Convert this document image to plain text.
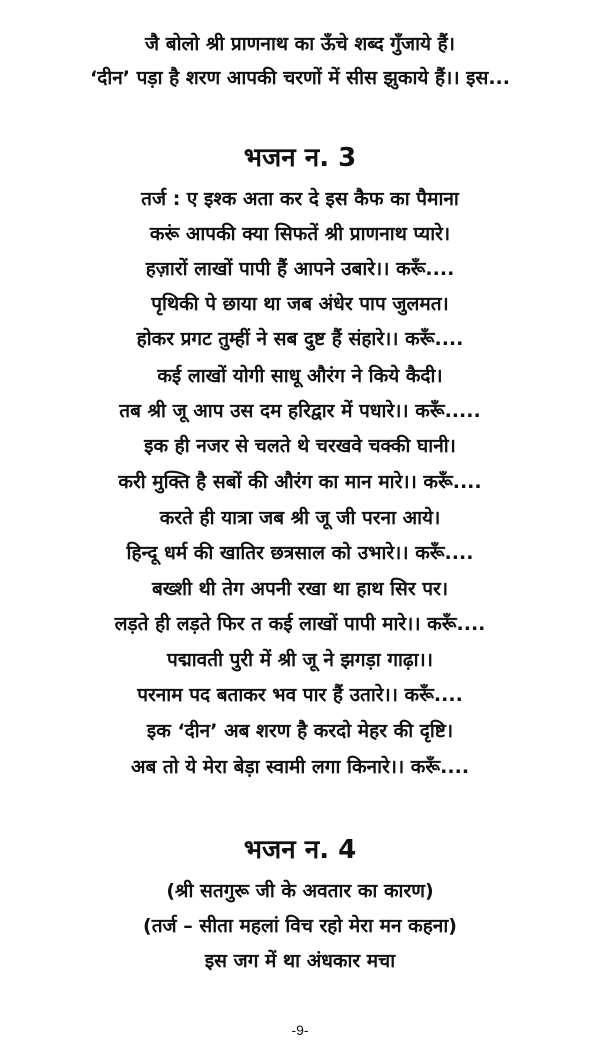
जै बोलो श्री प्राणनाथ का ऊँचे शब्द गुँजाये हैं।
‘दीन’ पड़ा है शरण आपकी चरणों में सीस झुकाये हैं।। इस...
भजन न. 3
तर्ज : ए इश्क अता कर दे इस कैफ का पैमाना
करूं आपकी क्या सिफतें श्री प्राणनाथ प्यारे।
हज़ारों लाखों पापी हैं आपने उबारे।। करूँ....
पृथिकी पे छाया था जब अंधेर पाप जुलमत।
होकर प्रगट तुम्हीं ने सब दुष्ट हैं संहारे।। करूँ....
कई लाखों योगी साधू औरंग ने किये कैदी।
तब श्री जू आप उस दम हरिद्वार में पधारे।। करूँ.....
इक ही नजर से चलते थे चरखवे चक्की घानी।
करी मुक्ति है सबों की औरंग का मान मारे।। करूँ....
करते ही यात्रा जब श्री जू जी परना आये।
हिन्दू धर्म की खातिर छत्रसाल को उभारे।। करूँ....
बख्शी थी तेग अपनी रखा था हाथ सिर पर।
लड़ते ही लड़ते फिर त कई लाखों पापी मारे।। करूँ....
पद्मावती पुरी में श्री जू ने झगड़ा गाढ़ा।।
परनाम पद बताकर भव पार हैं उतारे।। करूँ....
इक ‘दीन’ अब शरण है करदो मेहर की दृष्टि।
अब तो ये मेरा बेड़ा स्वामी लगा किनारे।। करूँ....
भजन न. 4
(श्री सतगुरू जी के अवतार का कारण)
(तर्ज – सीता महलां विच रहो मेरा मन कहना)
इस जग में था अंधकार मचा
-9-
